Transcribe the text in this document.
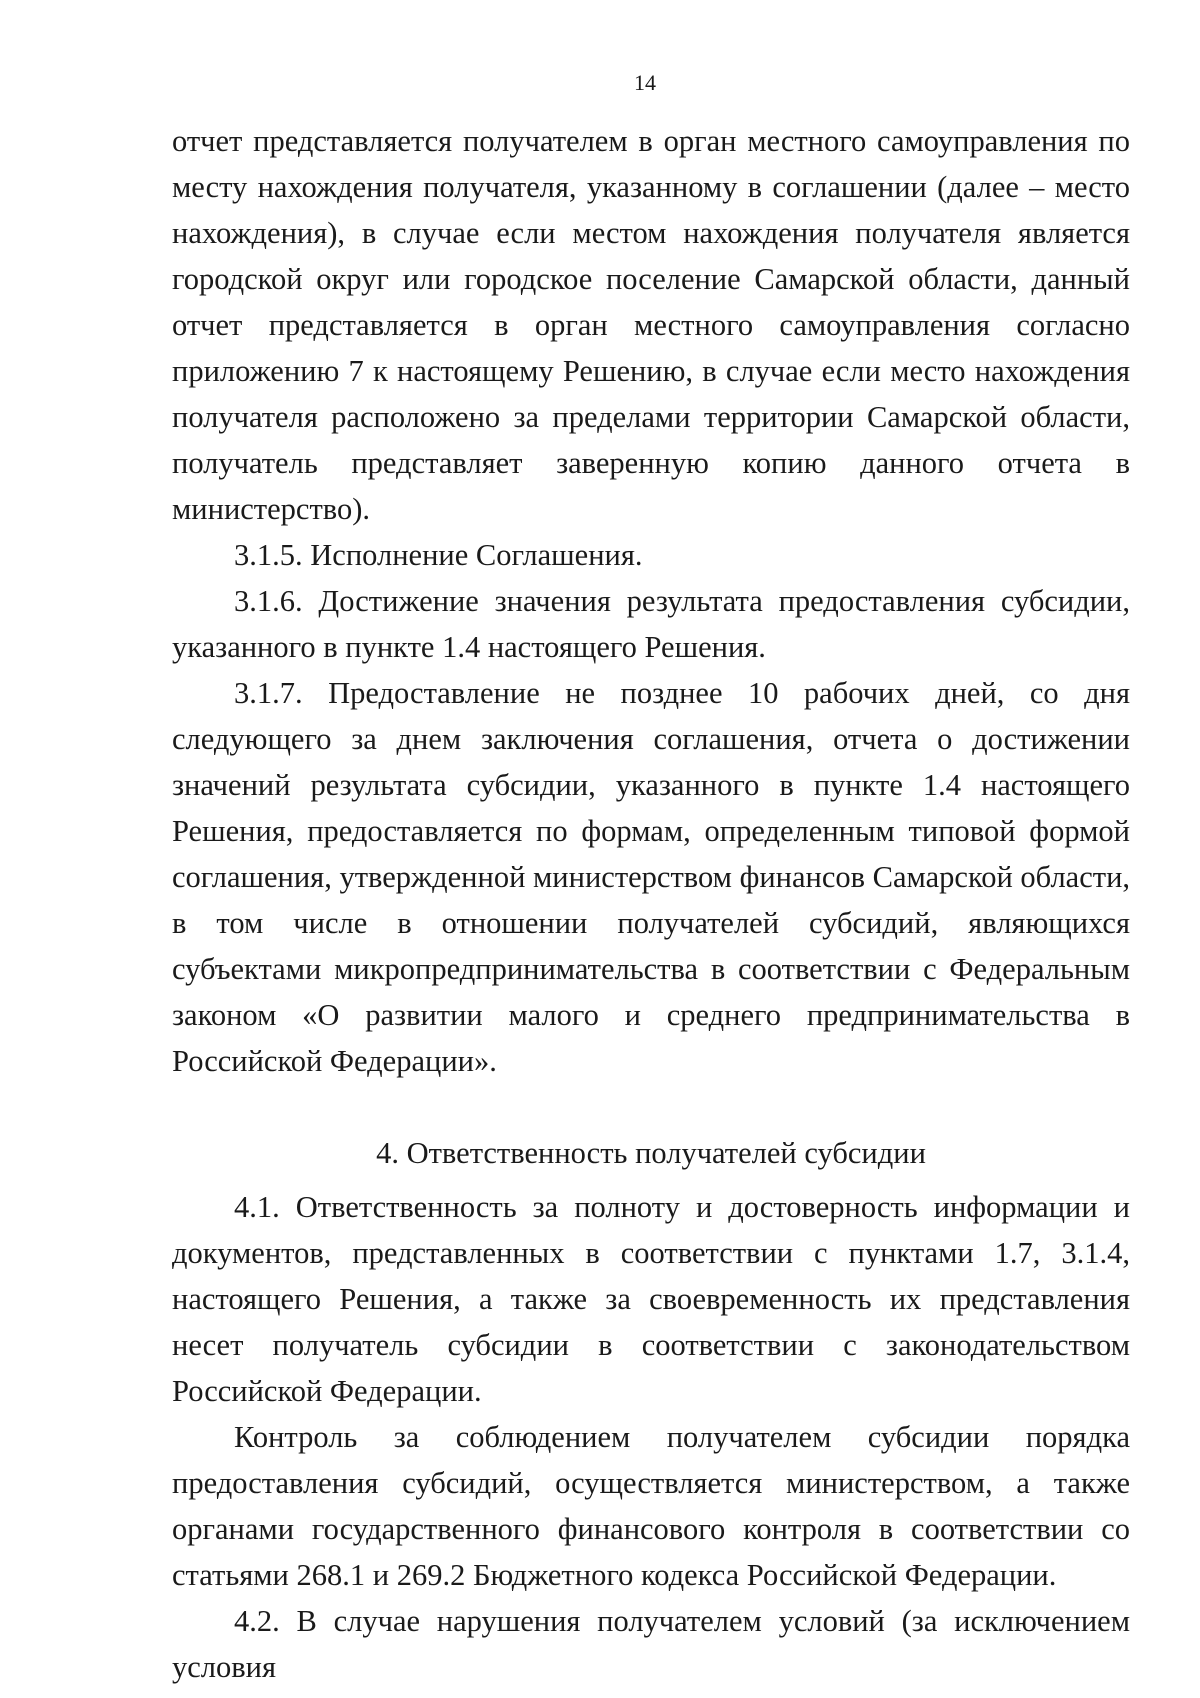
14

отчет представляется получателем в орган местного самоуправления по месту нахождения получателя, указанному в соглашении (далее – место нахождения), в случае если местом нахождения получателя является городской округ или городское поселение Самарской области, данный отчет представляется в орган местного самоуправления согласно приложению 7 к настоящему Решению, в случае если место нахождения получателя расположено за пределами территории Самарской области, получатель представляет заверенную копию данного отчета в министерство).

3.1.5. Исполнение Соглашения.

3.1.6. Достижение значения результата предоставления субсидии, указанного в пункте 1.4 настоящего Решения.

3.1.7. Предоставление не позднее 10 рабочих дней, со дня следующего за днем заключения соглашения, отчета о достижении значений результата субсидии, указанного в пункте 1.4 настоящего Решения, предоставляется по формам, определенным типовой формой соглашения, утвержденной министерством финансов Самарской области, в том числе в отношении получателей субсидий, являющихся субъектами микропредпринимательства в соответствии с Федеральным законом «О развитии малого и среднего предпринимательства в Российской Федерации».

4. Ответственность получателей субсидии

4.1. Ответственность за полноту и достоверность информации и документов, представленных в соответствии с пунктами 1.7, 3.1.4, настоящего Решения, а также за своевременность их представления несет получатель субсидии в соответствии с законодательством Российской Федерации.

Контроль за соблюдением получателем субсидии порядка предоставления субсидий, осуществляется министерством, а также органами государственного финансового контроля в соответствии со статьями 268.1 и 269.2 Бюджетного кодекса Российской Федерации.

4.2. В случае нарушения получателем условий (за исключением условия
